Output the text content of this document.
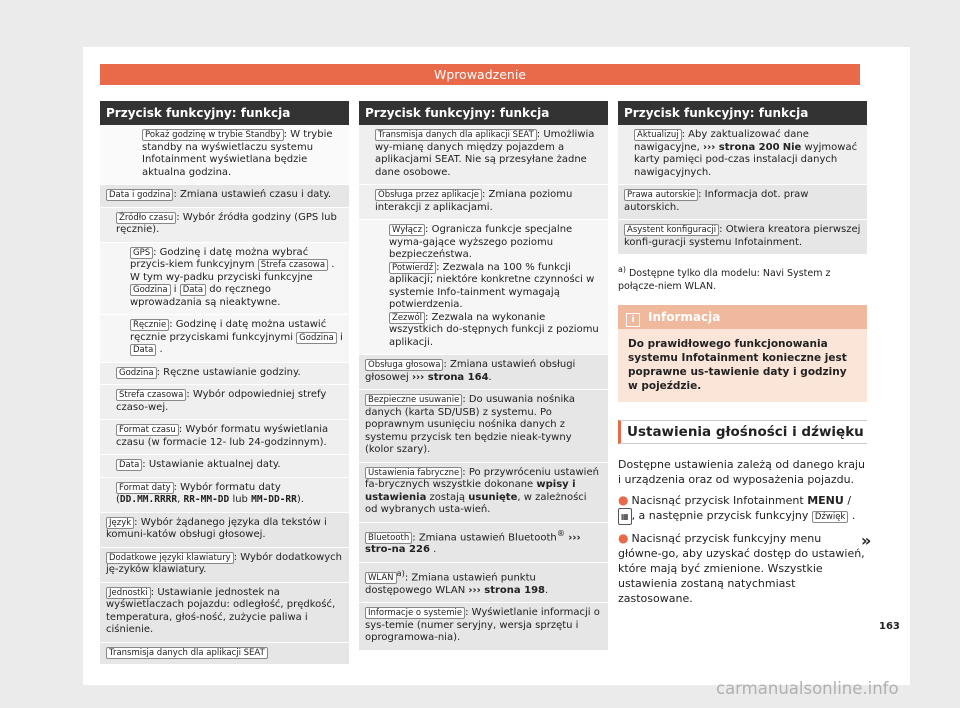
Wprowadzenie
Przycisk funkcyjny: funkcja
Pokaż godzinę w trybie Standby : W trybie standby na wyświetlaczu systemu Infotainment wyświetlana będzie aktualna godzina.
Data i godzina : Zmiana ustawień czasu i daty.
Źródło czasu : Wybór źródła godziny (GPS lub ręcznie).
GPS : Godzinę i datę można wybrać przycis-kiem funkcyjnym Strefa czasowa . W tym wy-padku przyciski funkcyjne Godzina i Data do ręcznego wprowadzania są nieaktywne.
Ręcznie : Godzinę i datę można ustawić ręcznie przyciskami funkcyjnymi Godzina i Data .
Godzina : Ręczne ustawianie godziny.
Strefa czasowa : Wybór odpowiedniej strefy czaso-wej.
Format czasu : Wybór formatu wyświetlania czasu (w formacie 12- lub 24-godzinnym).
Data : Ustawianie aktualnej daty.
Format daty : Wybór formatu daty (DD.MM.RRRR, RR-MM-DD lub MM-DD-RR).
Język : Wybór żądanego języka dla tekstów i komuni-katów obsługi głosowej.
Dodatkowe języki klawiatury : Wybór dodatkowych ję-zyków klawiatury.
Jednostki : Ustawianie jednostek na wyświetlaczach pojazdu: odległość, prędkość, temperatura, głoś-ność, zużycie paliwa i ciśnienie.
Transmisja danych dla aplikacji SEAT
Przycisk funkcyjny: funkcja
Transmisja danych dla aplikacji SEAT : Umożliwia wy-mianę danych między pojazdem a aplikacjami SEAT. Nie są przesyłane żadne dane osobowe.
Obsługa przez aplikacje : Zmiana poziomu interakcji z aplikacjami.
Wyłącz : Ogranicza funkcje specjalne wyma-gające wyższego poziomu bezpieczeństwa.
Potwierdź : Zezwala na 100 % funkcji aplikacji; niektóre konkretne czynności w systemie Info-tainment wymagają potwierdzenia.
Zezwól : Zezwala na wykonanie wszystkich do-stępnych funkcji z poziomu aplikacji.
Obsługa głosowa : Zmiana ustawień obsługi głosowej ››› strona 164.
Bezpieczne usuwanie : Do usuwania nośnika danych (karta SD/USB) z systemu. Po poprawnym usunięciu nośnika danych z systemu przycisk ten będzie nieak-tywny (kolor szary).
Ustawienia fabryczne : Po przywróceniu ustawień fa-brycznych wszystkie dokonane wpisy i ustawienia zostają usunięte, w zależności od wybranych usta-wień.
Bluetooth : Zmiana ustawień Bluetooth® ››› stro-na 226 .
WLAN$^{a)}$: Zmiana ustawień punktu dostępowego WLAN ››› strona 198.
Informacje o systemie : Wyświetlanie informacji o sys-temie (numer seryjny, wersja sprzętu i oprogramowa-nia).
Przycisk funkcyjny: funkcja
Aktualizuj : Aby zaktualizować dane nawigacyjne, ››› strona 200 Nie wyjmować karty pamięci pod-czas instalacji danych nawigacyjnych.
Prawa autorskie : Informacja dot. praw autorskich.
Asystent konfiguracji : Otwiera kreatora pierwszej konfi-guracji systemu Infotainment.
$^{a)}$ Dostępne tylko dla modelu: Navi System z połącze-niem WLAN.
i Informacja
Do prawidłowego funkcjonowania systemu Infotainment konieczne jest poprawne us-tawienie daty i godziny w pojeździe.
Ustawienia głośności i dźwięku
Dostępne ustawienia zależą od danego kraju i urządzenia oraz od wyposażenia pojazdu.
● Nacisnąć przycisk Infotainment MENU / ▦ , a następnie przycisk funkcyjny Dźwięk .
● Nacisnąć przycisk funkcyjny menu główne-go, aby uzyskać dostęp do ustawień, które mają być zmienione. Wszystkie ustawienia zostaną natychmiast zastosowane.
»
163
carmanualsonline.info
